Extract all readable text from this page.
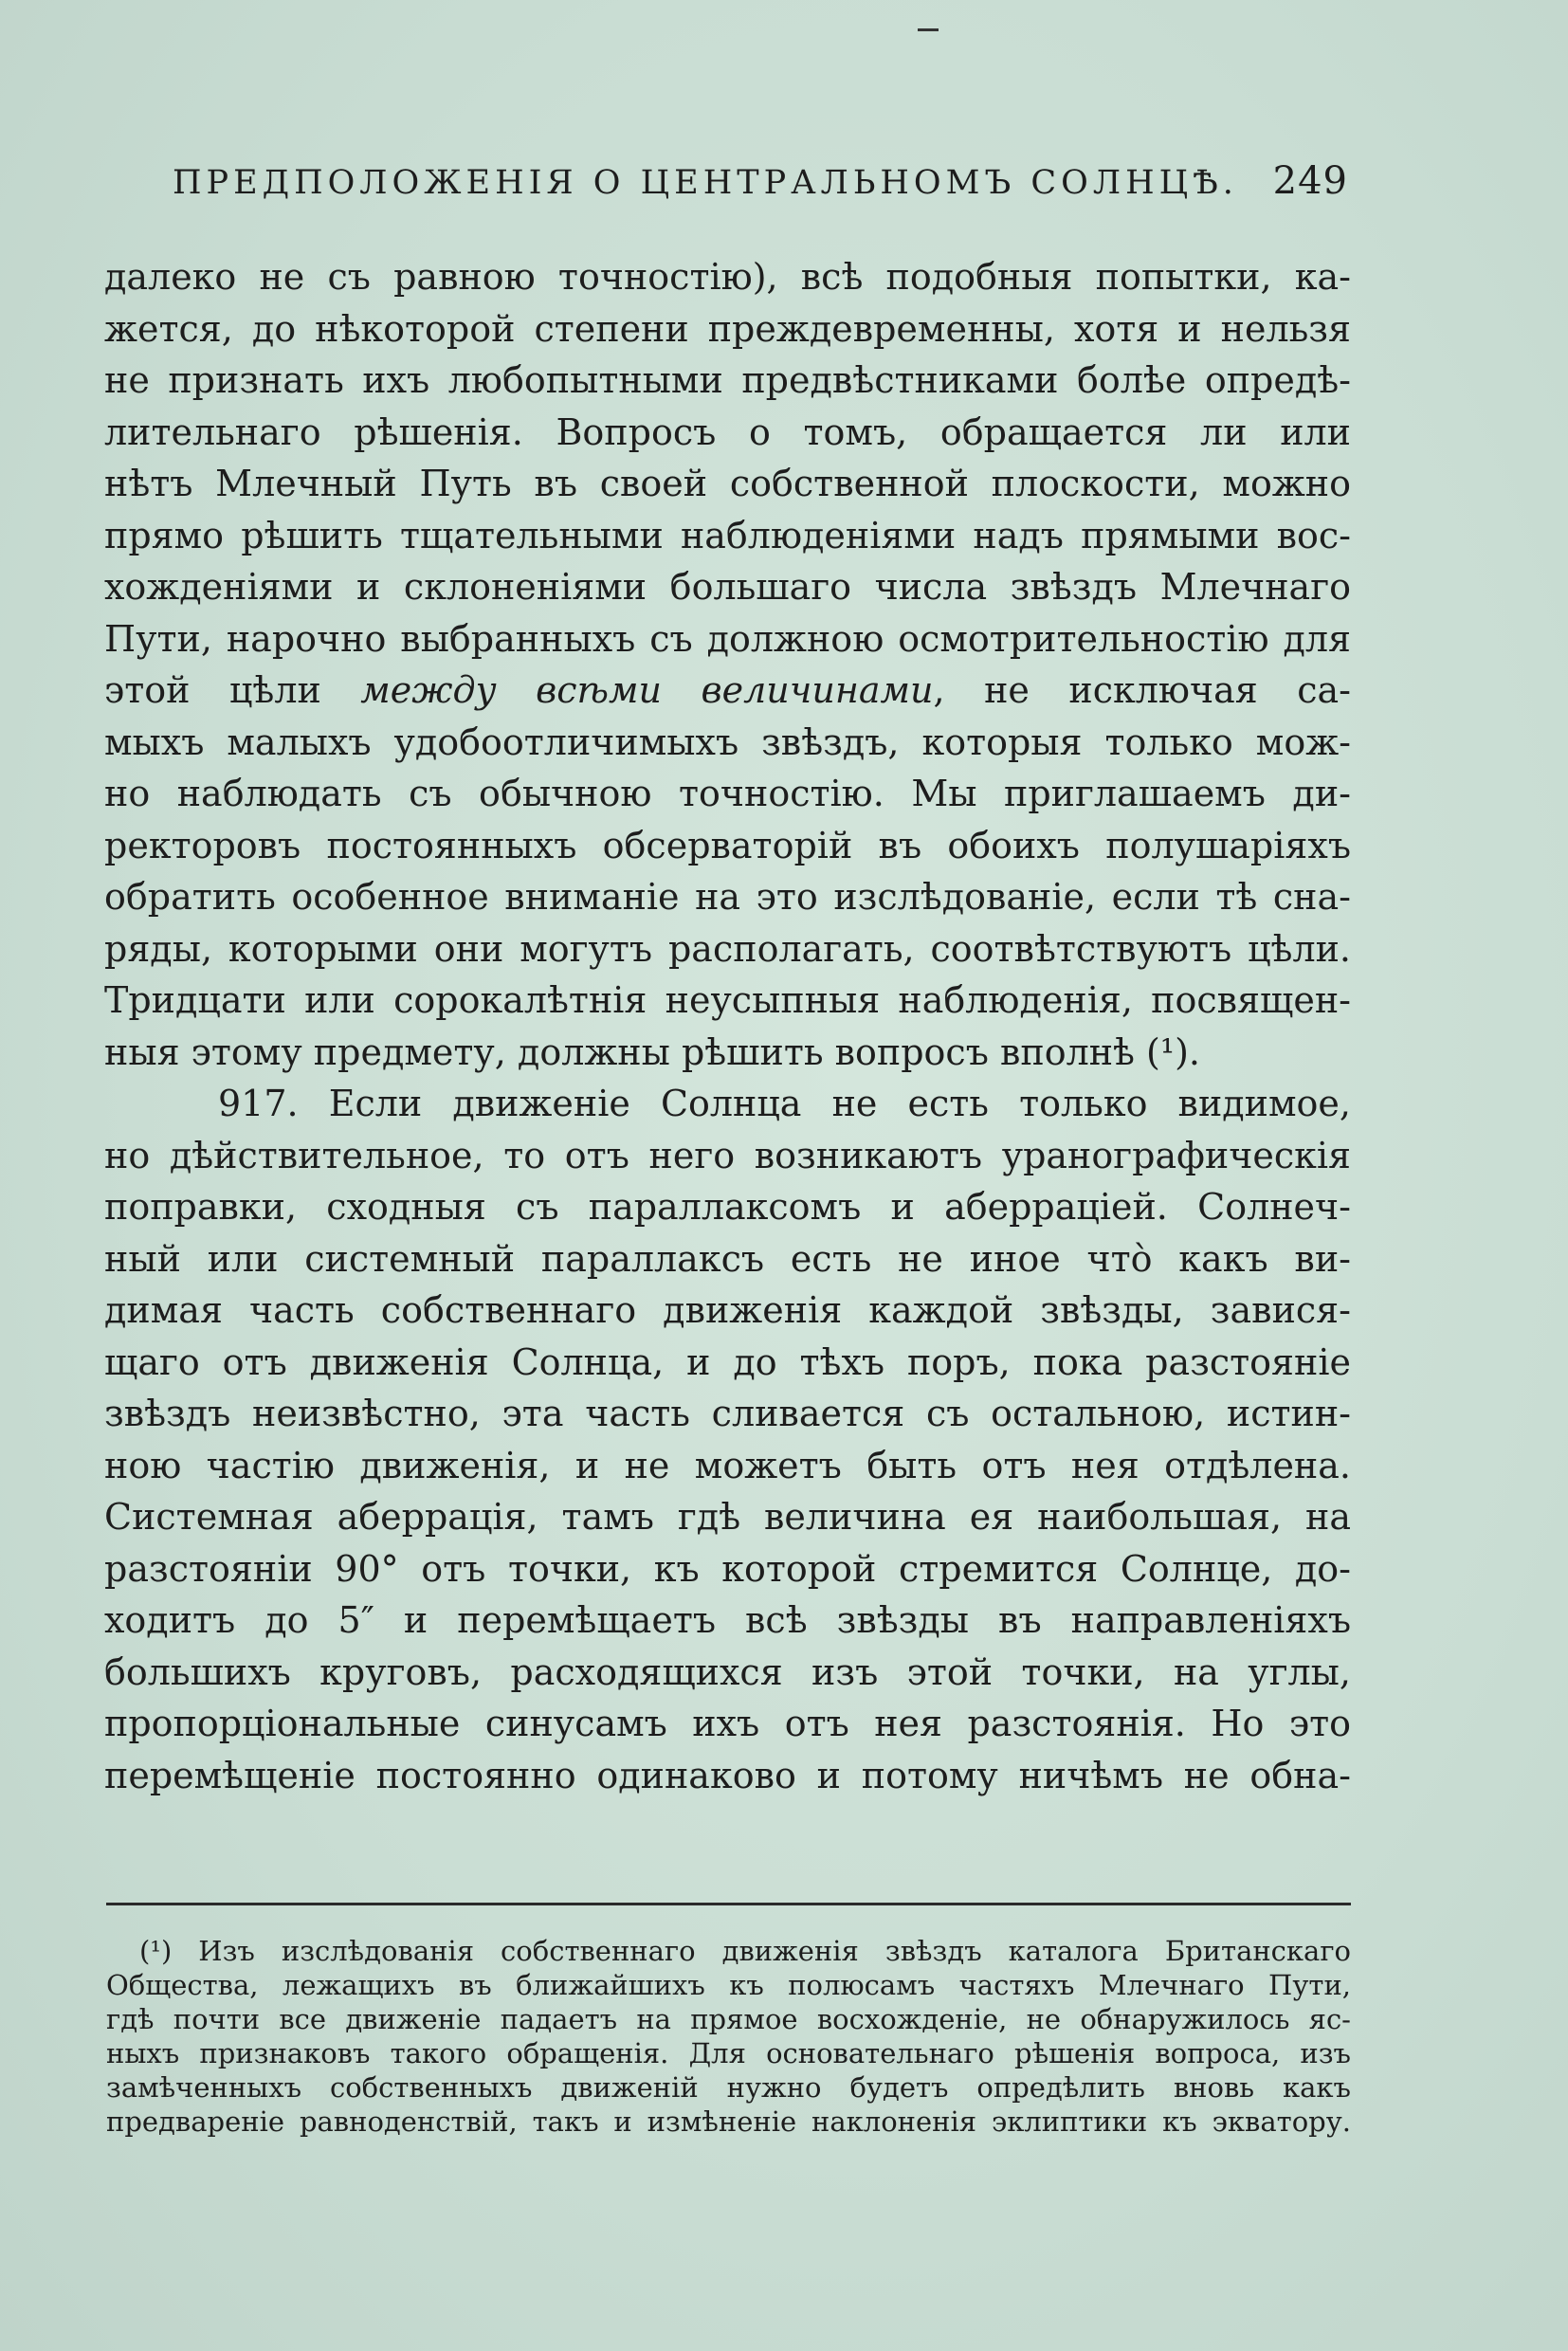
ПРЕДПОЛОЖЕНІЯ О ЦЕНТРАЛЬНОМЪ СОЛНЦѢ. 249
далеко не съ равною точностію), всѣ подобныя попытки, ка-
жется, до нѣкоторой степени преждевременны, хотя и нельзя
не признать ихъ любопытными предвѣстниками болѣе опредѣ-
лительнаго рѣшенія. Вопросъ о томъ, обращается ли или
нѣтъ Млечный Путь въ своей собственной плоскости, можно
прямо рѣшить тщательными наблюденіями надъ прямыми вос-
хожденіями и склоненіями большаго числа звѣздъ Млечнаго
Пути, нарочно выбранныхъ съ должною осмотрительностію для
этой цѣли между всѣми величинами, не исключая са-
мыхъ малыхъ удобоотличимыхъ звѣздъ, которыя только мож-
но наблюдать съ обычною точностію. Мы приглашаемъ ди-
ректоровъ постоянныхъ обсерваторій въ обоихъ полушаріяхъ
обратить особенное вниманіе на это изслѣдованіе, если тѣ сна-
ряды, которыми они могутъ располагать, соотвѣтствуютъ цѣли.
Тридцати или сорокалѣтнія неусыпныя наблюденія, посвящен-
ныя этому предмету, должны рѣшить вопросъ вполнѣ (¹).
917. Если движеніе Солнца не есть только видимое,
но дѣйствительное, то отъ него возникаютъ уранографическія
поправки, сходныя съ параллаксомъ и аберраціей. Солнеч-
ный или системный параллаксъ есть не иное что̀ какъ ви-
димая часть собственнаго движенія каждой звѣзды, завися-
щаго отъ движенія Солнца, и до тѣхъ поръ, пока разстояніе
звѣздъ неизвѣстно, эта часть сливается съ остальною, истин-
ною частію движенія, и не можетъ быть отъ нея отдѣлена.
Системная аберрація, тамъ гдѣ величина ея наибольшая, на
разстояніи 90° отъ точки, къ которой стремится Солнце, до-
ходитъ до 5″ и перемѣщаетъ всѣ звѣзды въ направленіяхъ
большихъ круговъ, расходящихся изъ этой точки, на углы,
пропорціональные синусамъ ихъ отъ нея разстоянія. Но это
перемѣщеніе постоянно одинаково и потому ничѣмъ не обна-
(¹) Изъ изслѣдованія собственнаго движенія звѣздъ каталога Британскаго
Общества, лежащихъ въ ближайшихъ къ полюсамъ частяхъ Млечнаго Пути,
гдѣ почти все движеніе падаетъ на прямое восхожденіе, не обнаружилось яс-
ныхъ признаковъ такого обращенія. Для основательнаго рѣшенія вопроса, изъ
замѣченныхъ собственныхъ движеній нужно будетъ опредѣлить вновь какъ
предвареніе равноденствій, такъ и измѣненіе наклоненія эклиптики къ экватору.
